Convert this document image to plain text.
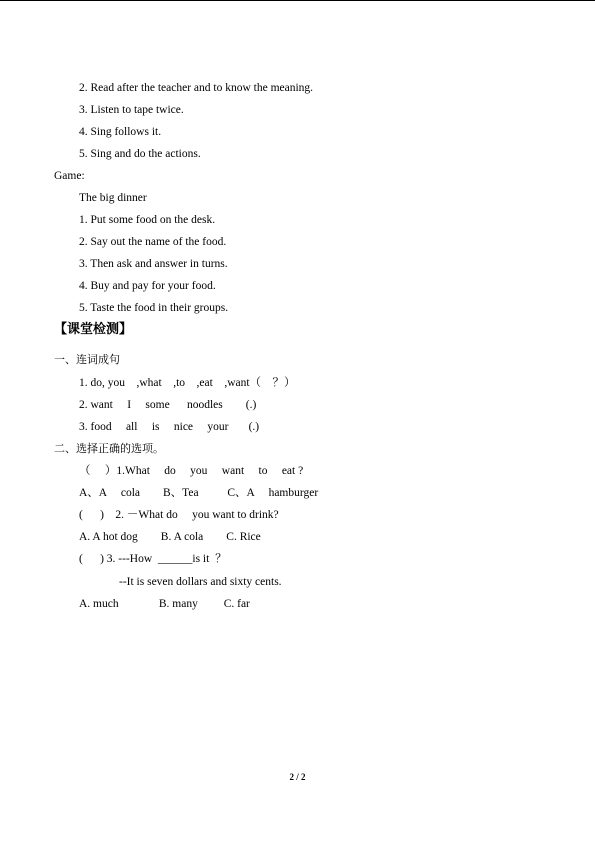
2. Read after the teacher and to know the meaning.
3. Listen to tape twice.
4. Sing follows it.
5. Sing and do the actions.
Game:
The big dinner
1. Put some food on the desk.
2. Say out the name of the food.
3. Then ask and answer in turns.
4. Buy and pay for your food.
5. Taste the food in their groups.
【课堂检测】
一、连词成句
1. do, you    ,what    ,to    ,eat    ,want（    ？）
2. want     I     some      noodles        (.)
3. food     all     is     nice     your       (.)
二、选择正确的选项。
（     ）1.What     do     you     want     to     eat ?
A、A     cola        B、Tea          C、A     hamburger
(      )    2. －What do     you want to drink?
A. A hot dog        B. A cola        C. Rice
(      ) 3. ---How  ______is it  ？
--It is seven dollars and sixty cents.
A. much              B. many         C. far
2 / 2
